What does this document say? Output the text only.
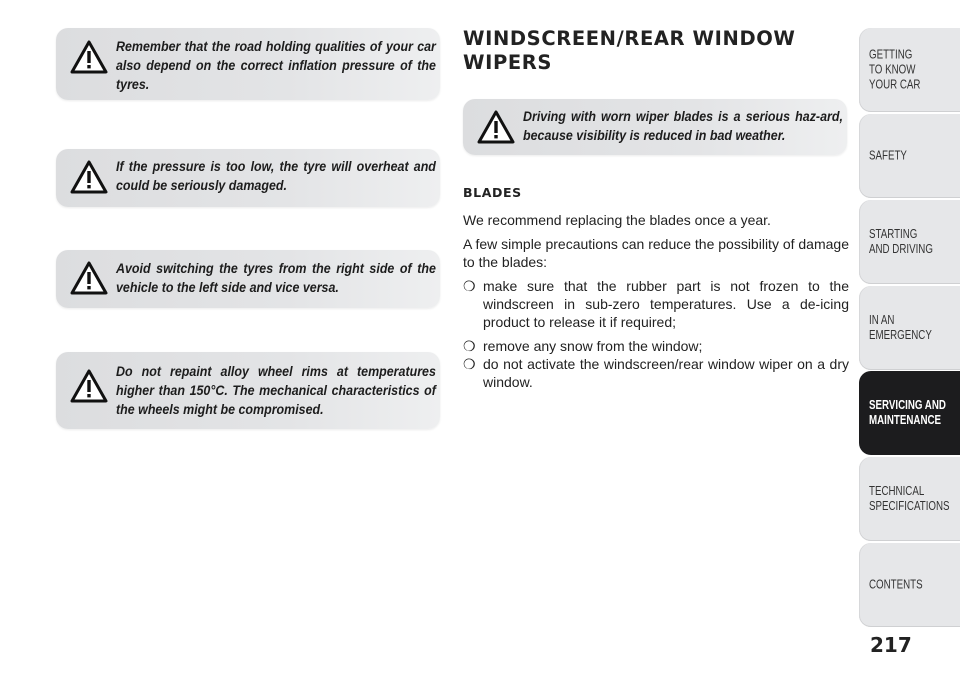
Remember that the road holding qualities of your car also depend on the correct inflation pressure of the tyres.
If the pressure is too low, the tyre will overheat and could be seriously damaged.
Avoid switching the tyres from the right side of the vehicle to the left side and vice versa.
Do not repaint alloy wheel rims at temperatures higher than 150°C. The mechanical characteristics of the wheels might be compromised.
WINDSCREEN/REAR WINDOW WIPERS
Driving with worn wiper blades is a serious haz-ard, because visibility is reduced in bad weather.
BLADES
We recommend replacing the blades once a year.
A few simple precautions can reduce the possibility of damage to the blades:
❍ make sure that the rubber part is not frozen to the windscreen in sub-zero temperatures. Use a de-icing product to release it if required;
❍ remove any snow from the window;
❍ do not activate the windscreen/rear window wiper on a dry window.
GETTING
TO KNOW
YOUR CAR
SAFETY
STARTING
AND DRIVING
IN AN
EMERGENCY
SERVICING AND
MAINTENANCE
TECHNICAL
SPECIFICATIONS
CONTENTS
217
